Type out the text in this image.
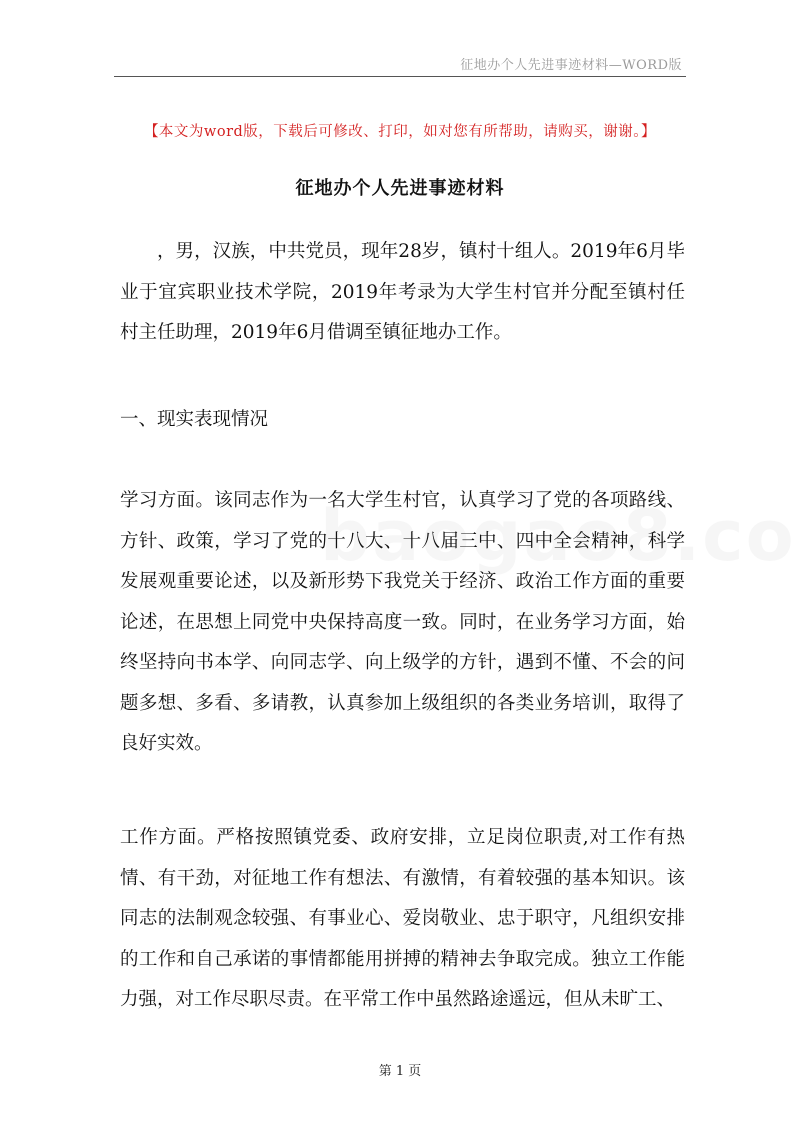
征地办个人先进事迹材料—WORD版
【本文为word版，下载后可修改、打印，如对您有所帮助，请购买，谢谢。】
征地办个人先进事迹材料

，男，汉族，中共党员，现年28岁，镇村十组人。2019年6月毕业于宜宾职业技术学院，2019年考录为大学生村官并分配至镇村任村主任助理，2019年6月借调至镇征地办工作。

一、现实表现情况

学习方面。该同志作为一名大学生村官，认真学习了党的各项路线、方针、政策，学习了党的十八大、十八届三中、四中全会精神，科学发展观重要论述，以及新形势下我党关于经济、政治工作方面的重要论述，在思想上同党中央保持高度一致。同时，在业务学习方面，始终坚持向书本学、向同志学、向上级学的方针，遇到不懂、不会的问题多想、多看、多请教，认真参加上级组织的各类业务培训，取得了良好实效。

工作方面。严格按照镇党委、政府安排，立足岗位职责,对工作有热情、有干劲，对征地工作有想法、有激情，有着较强的基本知识。该同志的法制观念较强、有事业心、爱岗敬业、忠于职守，凡组织安排的工作和自己承诺的事情都能用拼搏的精神去争取完成。独立工作能力强，对工作尽职尽责。在平常工作中虽然路途遥远，但从未旷工、

第 1 页
